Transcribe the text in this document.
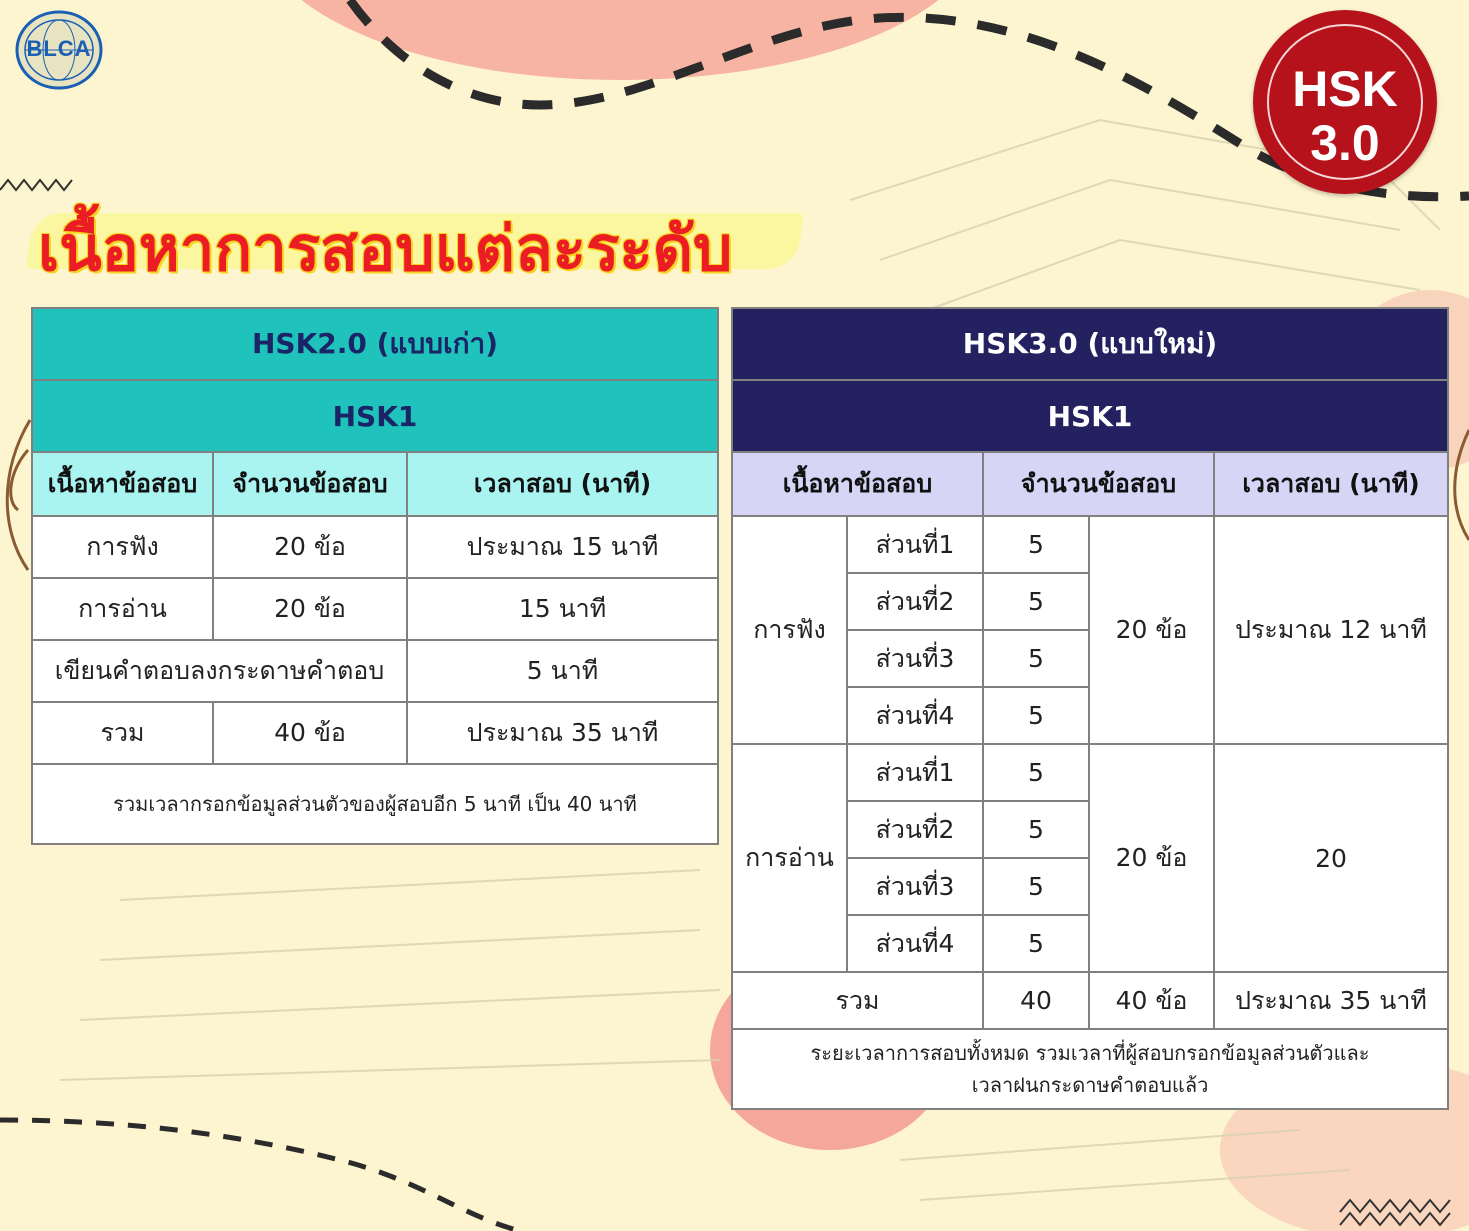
BLCA
HSK
3.0
เนื้อหาการสอบแต่ละระดับ
HSK2.0 (แบบเก่า)		
HSK1		
เนื้อหาข้อสอบ	จำนวนข้อสอบ	เวลาสอบ (นาที)
การฟัง	20 ข้อ	ประมาณ 15 นาที
การอ่าน	20 ข้อ	15 นาที
เขียนคำตอบลงกระดาษคำตอบ		5 นาที
รวม	40 ข้อ	ประมาณ 35 นาที
รวมเวลากรอกข้อมูลส่วนตัวของผู้สอบอีก 5 นาที เป็น 40 นาที		
HSK3.0 (แบบใหม่)				
HSK1				
เนื้อหาข้อสอบ		จำนวนข้อสอบ		เวลาสอบ (นาที)
การฟัง	ส่วนที่1	5	20 ข้อ	ประมาณ 12 นาที
	ส่วนที่2	5		
	ส่วนที่3	5		
	ส่วนที่4	5		
การอ่าน	ส่วนที่1	5	20 ข้อ	20
	ส่วนที่2	5		
	ส่วนที่3	5		
	ส่วนที่4	5		
รวม		40	40 ข้อ	ประมาณ 35 นาที

ระยะเวลาการสอบทั้งหมด รวมเวลาที่ผู้สอบกรอกข้อมูลส่วนตัวและ
เวลาฝนกระดาษคำตอบแล้ว				
